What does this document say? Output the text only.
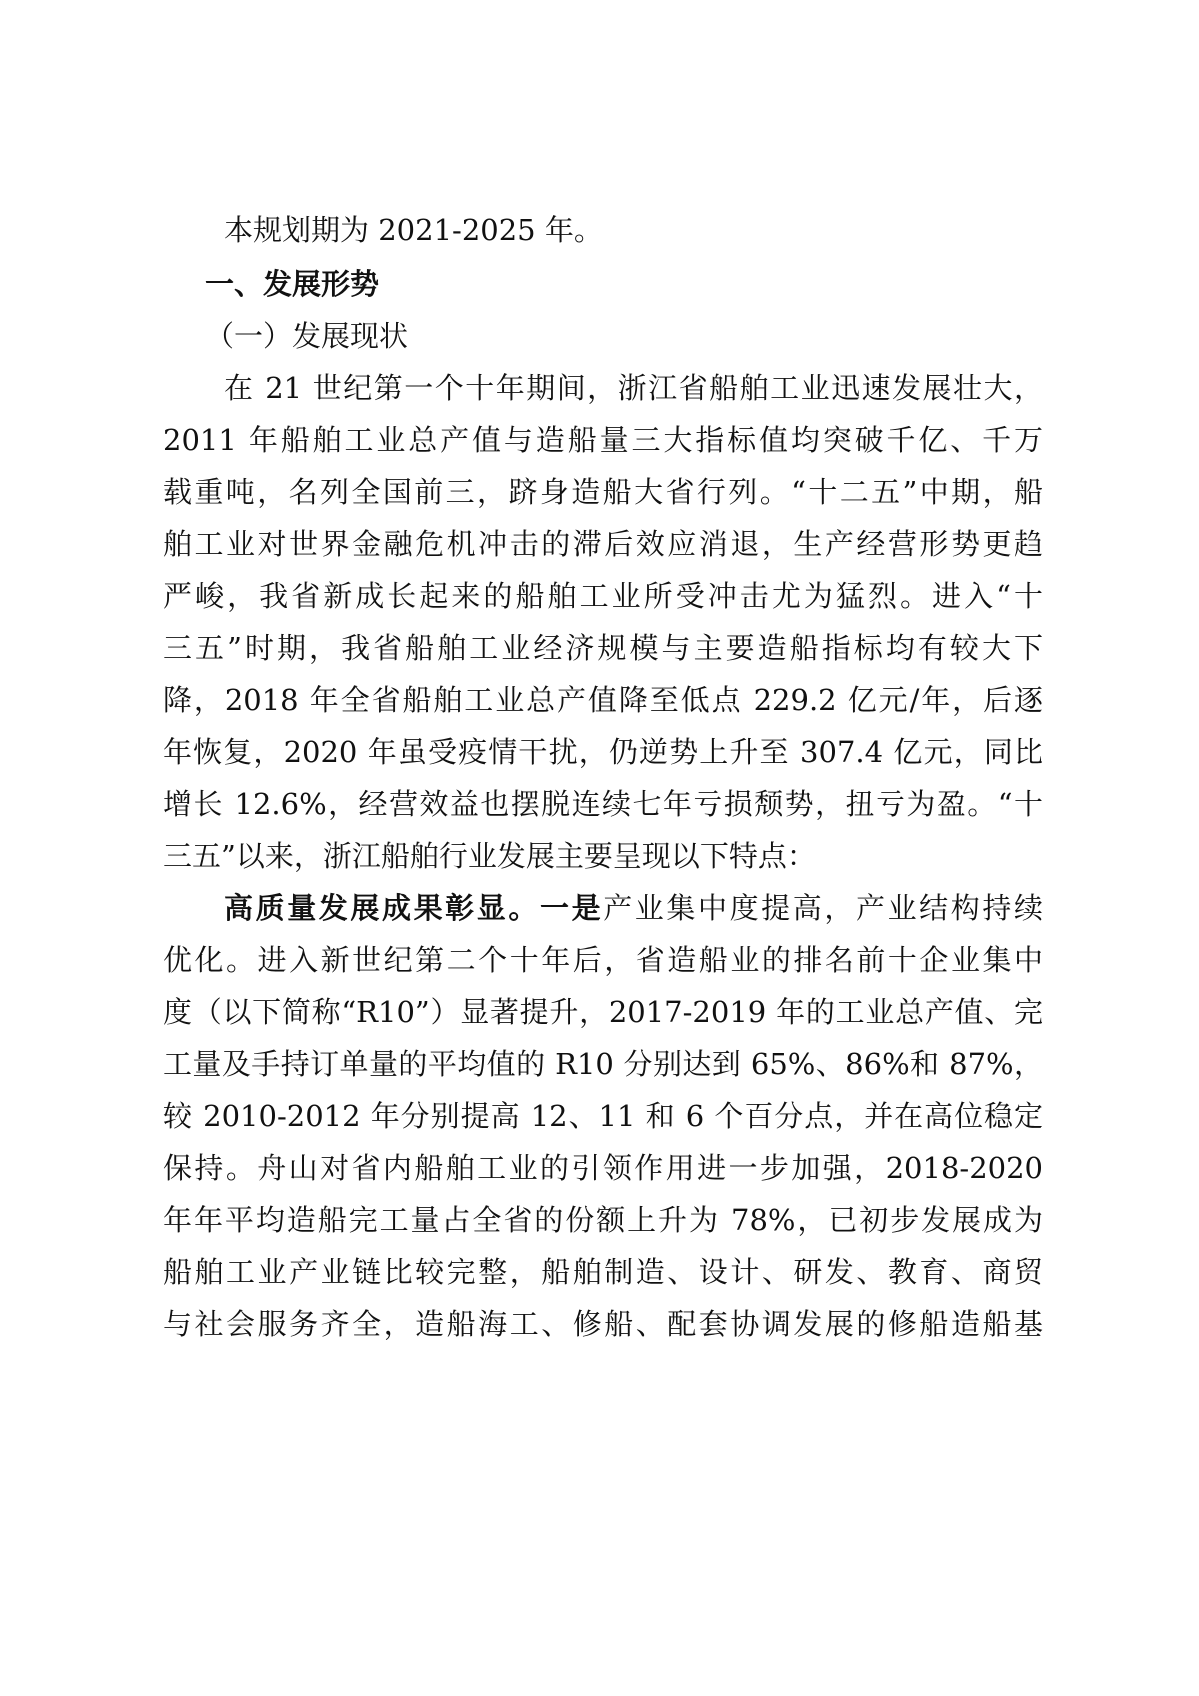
本规划期为 2021-2025 年。
一、发展形势
（一）发展现状
在 21 世纪第一个十年期间，浙江省船舶工业迅速发展壮大，
2011 年船舶工业总产值与造船量三大指标值均突破千亿、千万
载重吨，名列全国前三，跻身造船大省行列。“十二五”中期，船
舶工业对世界金融危机冲击的滞后效应消退，生产经营形势更趋
严峻，我省新成长起来的船舶工业所受冲击尤为猛烈。进入“十
三五”时期，我省船舶工业经济规模与主要造船指标均有较大下
降，2018 年全省船舶工业总产值降至低点 229.2 亿元/年，后逐
年恢复，2020 年虽受疫情干扰，仍逆势上升至 307.4 亿元，同比
增长 12.6%，经营效益也摆脱连续七年亏损颓势，扭亏为盈。“十
三五”以来，浙江船舶行业发展主要呈现以下特点：
高质量发展成果彰显。一是产业集中度提高，产业结构持续
优化。进入新世纪第二个十年后，省造船业的排名前十企业集中
度（以下简称“R10”）显著提升，2017-2019 年的工业总产值、完
工量及手持订单量的平均值的 R10 分别达到 65%、86%和 87%，
较 2010-2012 年分别提高 12、11 和 6 个百分点，并在高位稳定
保持。舟山对省内船舶工业的引领作用进一步加强，2018-2020
年年平均造船完工量占全省的份额上升为 78%，已初步发展成为
船舶工业产业链比较完整，船舶制造、设计、研发、教育、商贸
与社会服务齐全，造船海工、修船、配套协调发展的修船造船基
